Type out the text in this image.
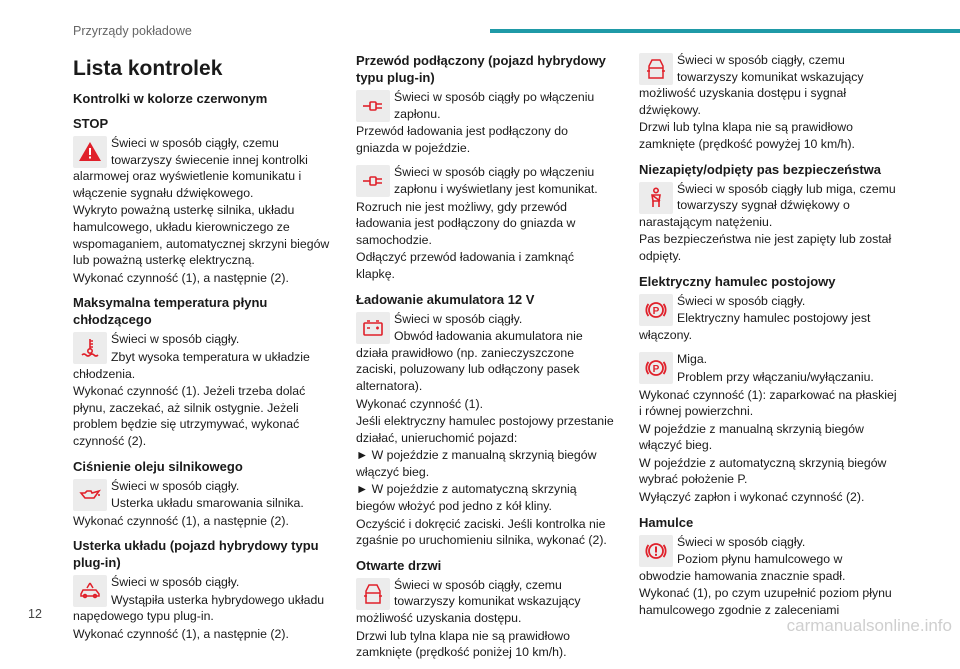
Przyrządy pokładowe
Lista kontrolek
Kontrolki w kolorze czerwonym
STOP

Świeci w sposób ciągły, czemu towarzyszy świecenie innej kontrolki alarmowej oraz wyświetlenie komunikatu i włączenie sygnału dźwiękowego.

Wykryto poważną usterkę silnika, układu hamulcowego, układu kierowniczego ze wspomaganiem, automatycznej skrzyni biegów lub poważną usterkę elektryczną.

Wykonać czynność (1), a następnie (2).

Maksymalna temperatura płynu chłodzącego

Świeci w sposób ciągły.

Zbyt wysoka temperatura w układzie chłodzenia.

Wykonać czynność (1). Jeżeli trzeba dolać płynu, zaczekać, aż silnik ostygnie. Jeżeli problem będzie się utrzymywać, wykonać czynność (2).

Ciśnienie oleju silnikowego

Świeci w sposób ciągły.

Usterka układu smarowania silnika.

Wykonać czynność (1), a następnie (2).

Usterka układu (pojazd hybrydowy typu plug-in)

Świeci w sposób ciągły.

Wystąpiła usterka hybrydowego układu napędowego typu plug-in.

Wykonać czynność (1), a następnie (2).

Przewód podłączony (pojazd hybrydowy typu plug-in)

Świeci w sposób ciągły po włączeniu zapłonu.

Przewód ładowania jest podłączony do gniazda w pojeździe.

Świeci w sposób ciągły po włączeniu zapłonu i wyświetlany jest komunikat.

Rozruch nie jest możliwy, gdy przewód ładowania jest podłączony do gniazda w samochodzie.

Odłączyć przewód ładowania i zamknąć klapkę.

Ładowanie akumulatora 12 V

Świeci w sposób ciągły.

Obwód ładowania akumulatora nie działa prawidłowo (np. zanieczyszczone zaciski, poluzowany lub odłączony pasek alternatora).

Wykonać czynność (1).

Jeśli elektryczny hamulec postojowy przestanie działać, unieruchomić pojazd:

► W pojeździe z manualną skrzynią biegów włączyć bieg.

► W pojeździe z automatyczną skrzynią biegów włożyć pod jedno z kół kliny.

Oczyścić i dokręcić zaciski. Jeśli kontrolka nie zgaśnie po uruchomieniu silnika, wykonać (2).

Otwarte drzwi

Świeci w sposób ciągły, czemu towarzyszy komunikat wskazujący możliwość uzyskania dostępu.

Drzwi lub tylna klapa nie są prawidłowo zamknięte (prędkość poniżej 10 km/h).

Świeci w sposób ciągły, czemu towarzyszy komunikat wskazujący możliwość uzyskania dostępu i sygnał dźwiękowy.

Drzwi lub tylna klapa nie są prawidłowo zamknięte (prędkość powyżej 10 km/h).

Niezapięty/odpięty pas bezpieczeństwa

Świeci w sposób ciągły lub miga, czemu towarzyszy sygnał dźwiękowy o narastającym natężeniu.

Pas bezpieczeństwa nie jest zapięty lub został odpięty.

Elektryczny hamulec postojowy
P

Świeci w sposób ciągły.

Elektryczny hamulec postojowy jest włączony.

P

Miga.

Problem przy włączaniu/wyłączaniu.

Wykonać czynność (1): zaparkować na płaskiej i równej powierzchni.

W pojeździe z manualną skrzynią biegów włączyć bieg.

W pojeździe z automatyczną skrzynią biegów wybrać położenie P.

Wyłączyć zapłon i wykonać czynność (2).

Hamulce

Świeci w sposób ciągły.

Poziom płynu hamulcowego w obwodzie hamowania znacznie spadł.

Wykonać (1), po czym uzupełnić poziom płynu hamulcowego zgodnie z zaleceniami

12
carmanualsonline.info
